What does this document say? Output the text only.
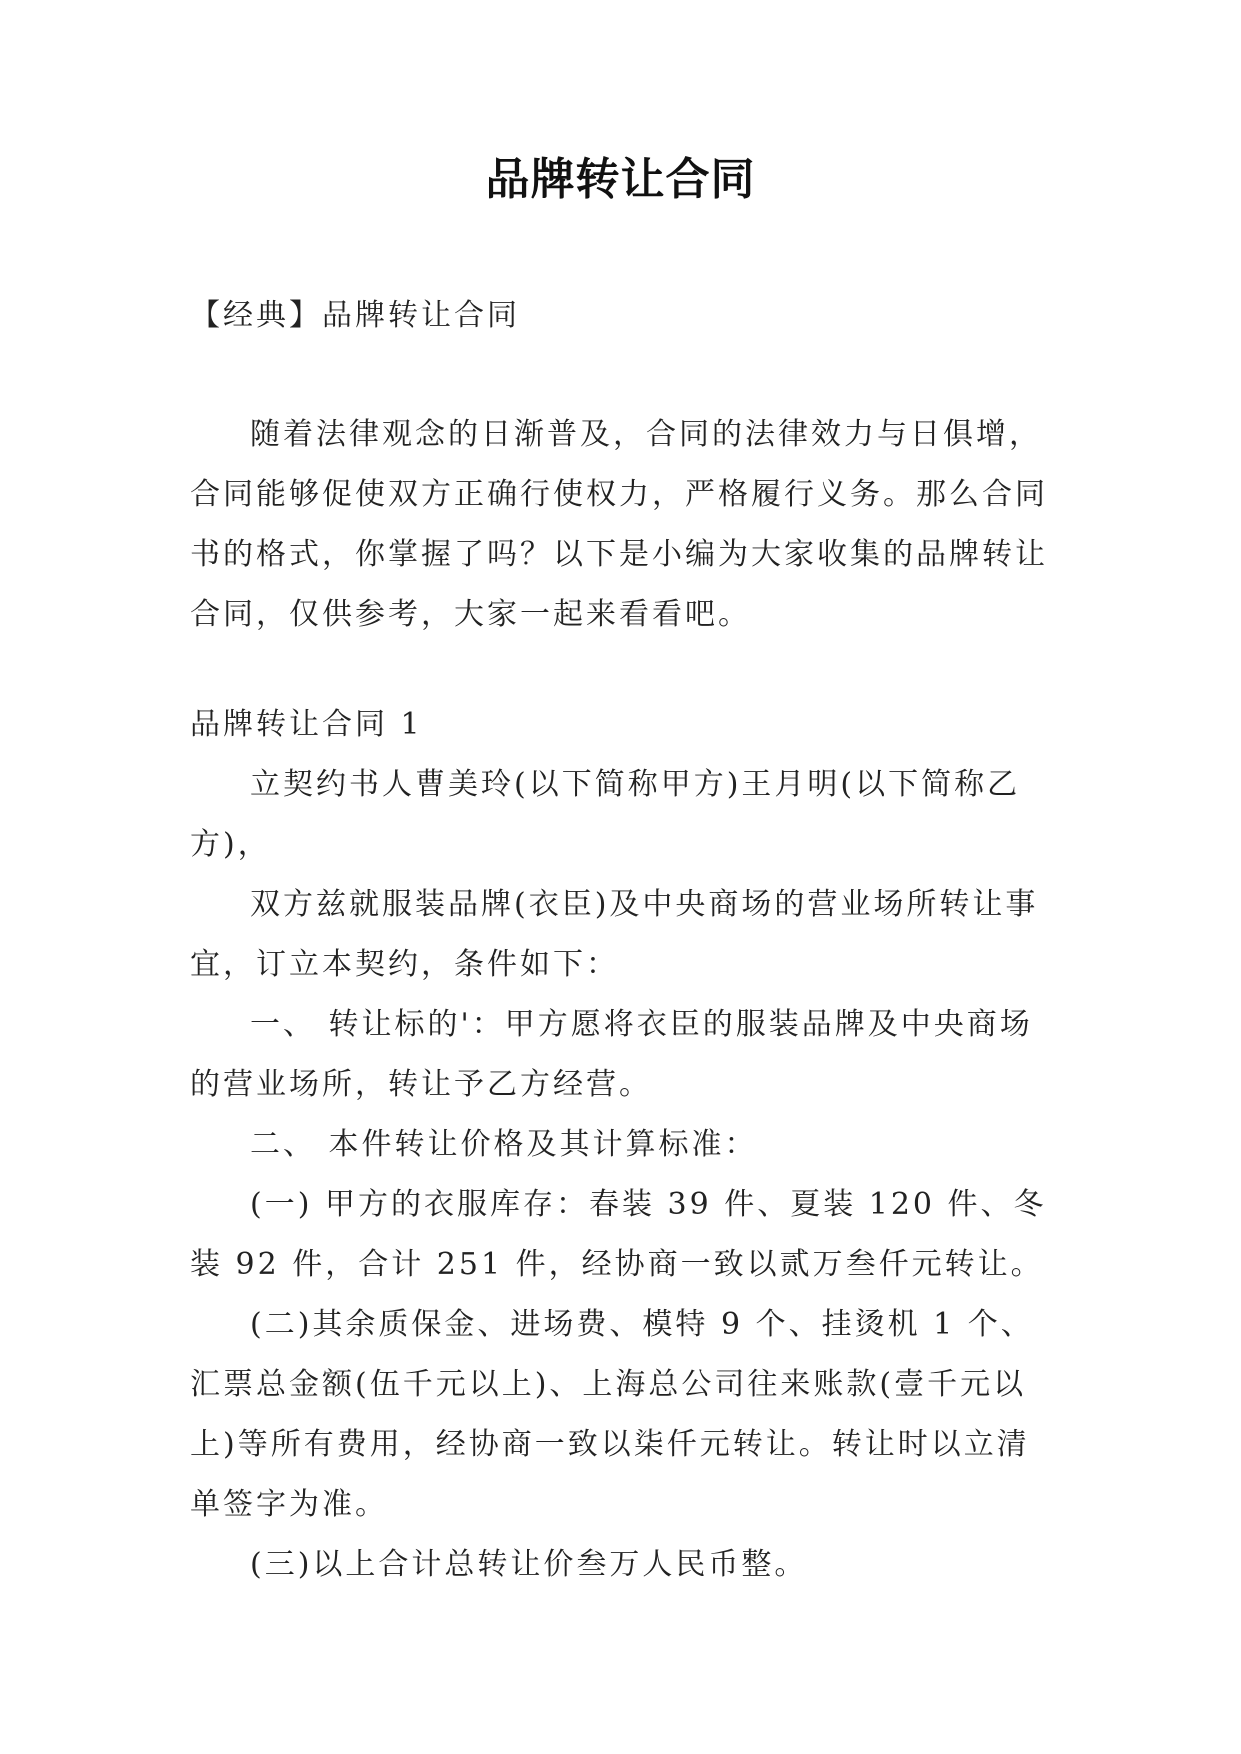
品牌转让合同

【经典】品牌转让合同

随着法律观念的日渐普及，合同的法律效力与日俱增，合同能够促使双方正确行使权力，严格履行义务。那么合同书的格式，你掌握了吗？以下是小编为大家收集的品牌转让合同，仅供参考，大家一起来看看吧。

品牌转让合同 1

立契约书人曹美玲(以下简称甲方)王月明(以下简称乙方)，

双方兹就服装品牌(衣臣)及中央商场的营业场所转让事宜，订立本契约，条件如下：

一、 转让标的'：甲方愿将衣臣的服装品牌及中央商场的营业场所，转让予乙方经营。

二、 本件转让价格及其计算标准：

(一) 甲方的衣服库存：春装 39 件、夏装 120 件、冬装 92 件，合计 251 件，经协商一致以贰万叁仟元转让。

(二)其余质保金、进场费、模特 9 个、挂烫机 1 个、汇票总金额(伍千元以上)、上海总公司往来账款(壹千元以上)等所有费用，经协商一致以柒仟元转让。转让时以立清单签字为准。

(三)以上合计总转让价叁万人民币整。
